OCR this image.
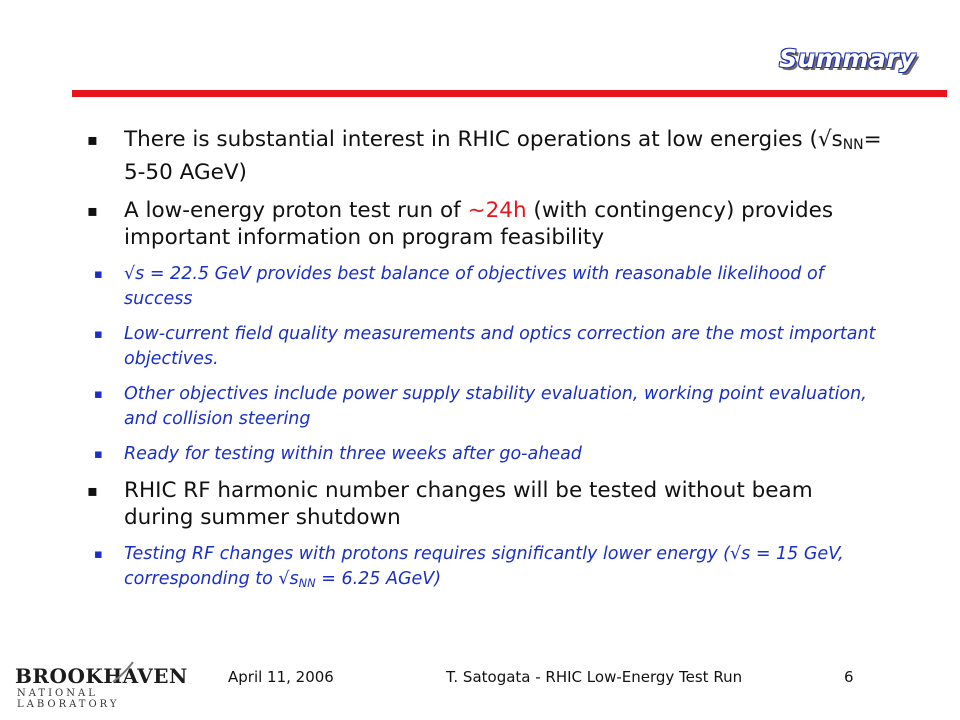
Summary
▪ There is substantial interest in RHIC operations at low energies ($√s_{NN}= 5-50$ AGeV)
▪ A low-energy proton test run of ~24h (with contingency) provides important information on program feasibility
▪ √s = 22.5 GeV provides best balance of objectives with reasonable likelihood of success
▪ Low-current field quality measurements and optics correction are the most important objectives.
▪ Other objectives include power supply stability evaluation, working point evaluation, and collision steering
▪ Ready for testing within three weeks after go-ahead
▪ RHIC RF harmonic number changes will be tested without beam during summer shutdown
▪ Testing RF changes with protons requires significantly lower energy (√s = 15 GeV, corresponding to $√s_{NN} = 6.25$ AGeV)
BROOKHAVEN
NATIONAL LABORATORY
April 11, 2006	T. Satogata - RHIC Low-Energy Test Run	6
